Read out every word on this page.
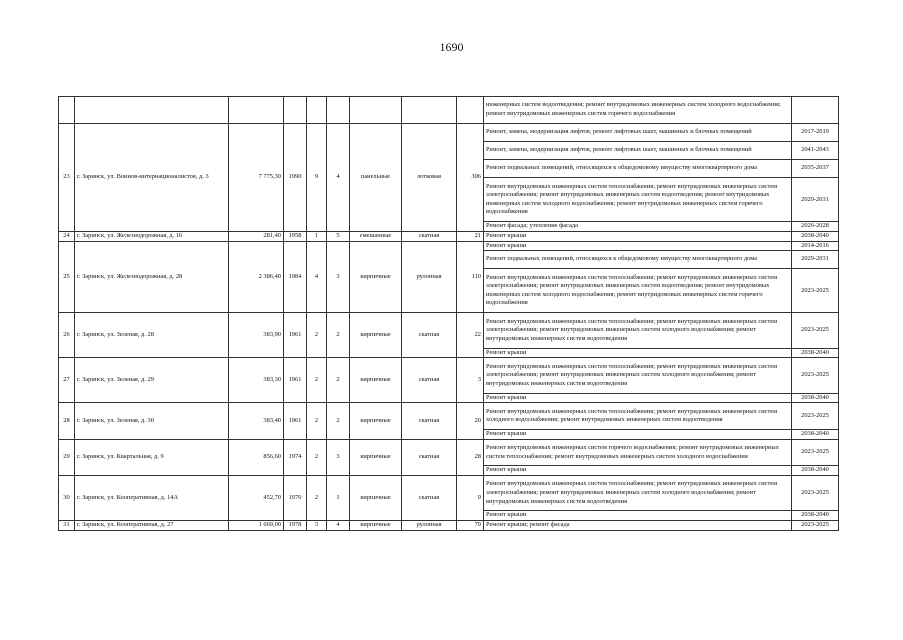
1690
									инженерных систем водоотведения; ремонт внутридомовых инженерных систем холодного водоснабжения; ремонт внутридомовых инженерных систем горячего водоснабжения	
23	г. Заринск, ул. Воинов-интернационалистов, д. 3	7 775,30	1990	9	4	панельные	лотковая	306	Ремонт, замена, модернизация лифтов, ремонт лифтовых шахт, машинных и блочных помещений	2017-2019
									Ремонт, замена, модернизация лифтов, ремонт лифтовых шахт, машинных и блочных помещений	2041-2043
									Ремонт подвальных помещений, относящихся к общедомовому имуществу многоквартирного дома	2035-2037
									Ремонт внутридомовых инженерных систем теплоснабжения; ремонт внутридомовых инженерных систем электроснабжения; ремонт внутридомовых инженерных систем водоотведения; ремонт внутридомовых инженерных систем холодного водоснабжения; ремонт внутридомовых инженерных систем горячего водоснабжения	2029-2031
									Ремонт фасада; утепление фасада	2026-2028
24	г. Заринск, ул. Железнодорожная, д. 16	281,40	1958	1	5	смешанные	скатная	21	Ремонт крыши	2038-2040
25	г. Заринск, ул. Железнодорожная, д. 28	2 386,40	1984	4	3	кирпичные	рулонная	110	Ремонт крыши	2014-2016
									Ремонт подвальных помещений, относящихся к общедомовому имуществу многоквартирного дома	2029-2031
									Ремонт внутридомовых инженерных систем теплоснабжения; ремонт внутридомовых инженерных систем электроснабжения; ремонт внутридомовых инженерных систем водоотведения; ремонт внутридомовых инженерных систем холодного водоснабжения; ремонт внутридомовых инженерных систем горячего водоснабжения	2023-2025
26	г. Заринск, ул. Зеленая, д. 28	383,90	1961	2	2	кирпичные	скатная	22	Ремонт внутридомовых инженерных систем теплоснабжения; ремонт внутридомовых инженерных систем электроснабжения; ремонт внутридомовых инженерных систем холодного водоснабжения; ремонт внутридомовых инженерных систем водоотведения	2023-2025
									Ремонт крыши	2038-2040
27	г. Заринск, ул. Зеленая, д. 29	383,30	1961	2	2	кирпичные	скатная	3	Ремонт внутридомовых инженерных систем теплоснабжения; ремонт внутридомовых инженерных систем электроснабжения; ремонт внутридомовых инженерных систем холодного водоснабжения; ремонт внутридомовых инженерных систем водоотведения	2023-2025
									Ремонт крыши	2038-2040
28	г. Заринск, ул. Зеленая, д. 30	383,40	1961	2	2	кирпичные	скатная	20	Ремонт внутридомовых инженерных систем теплоснабжения; ремонт внутридомовых инженерных систем холодного водоснабжения; ремонт внутридомовых инженерных систем водоотведения	2023-2025
									Ремонт крыши	2038-2040
29	г. Заринск, ул. Квартальная, д. 9	856,60	1974	2	3	кирпичные	скатная	28	Ремонт внутридомовых инженерных систем горячего водоснабжения; ремонт внутридомовых инженерных систем теплоснабжения; ремонт внутридомовых инженерных систем холодного водоснабжения	2023-2025
									Ремонт крыши	2038-2040
30	г. Заринск, ул. Кооперативная, д. 14А	452,70	1970	2	1	кирпичные	скатная	9	Ремонт внутридомовых инженерных систем теплоснабжения; ремонт внутридомовых инженерных систем электроснабжения; ремонт внутридомовых инженерных систем холодного водоснабжения; ремонт внутридомовых инженерных систем водоотведения	2023-2025
									Ремонт крыши	2038-2040
31	г. Заринск, ул. Кооперативная, д. 27	1 669,00	1978	3	4	кирпичные	рулонная	79	Ремонт крыши; ремонт фасада	2023-2025
